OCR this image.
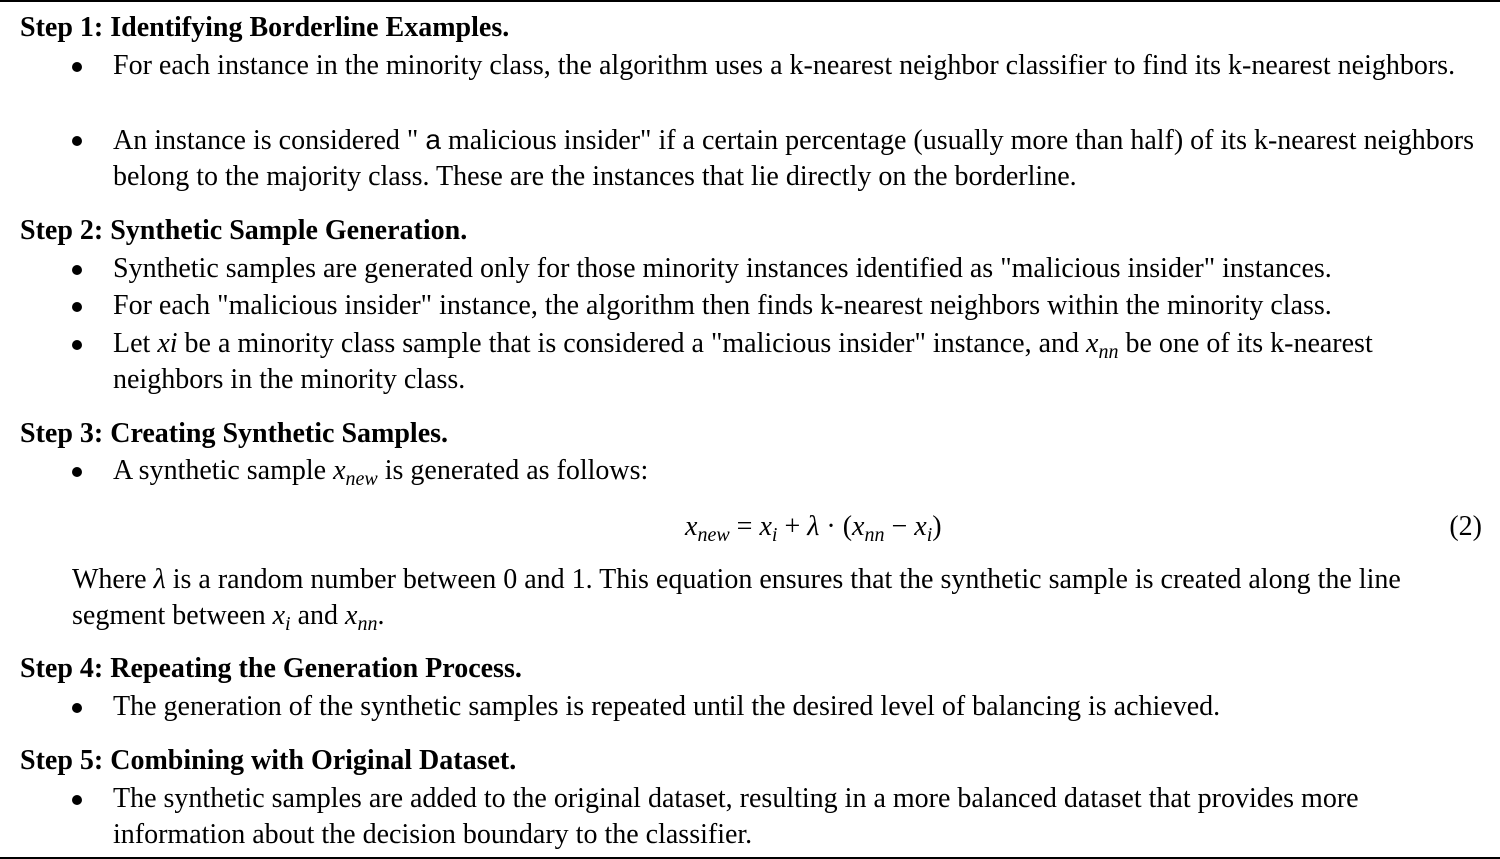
Step 1: Identifying Borderline Examples.
For each instance in the minority class, the algorithm uses a k-nearest neighbor classifier to find its k-nearest neighbors.
An instance is considered " a malicious insider" if a certain percentage (usually more than half) of its k-nearest neighbors belong to the majority class. These are the instances that lie directly on the borderline.
Step 2: Synthetic Sample Generation.
Synthetic samples are generated only for those minority instances identified as "malicious insider" instances.
For each "malicious insider" instance, the algorithm then finds k-nearest neighbors within the minority class.
Let xi be a minority class sample that is considered a "malicious insider" instance, and $x_{nn}$ be one of its k-nearest neighbors in the minority class.
Step 3: Creating Synthetic Samples.
A synthetic sample $x_{new}$ is generated as follows:
$x_{new} = x_i + \lambda \cdot (x_{nn} - x_i)$	(2)
Where λ is a random number between 0 and 1. This equation ensures that the synthetic sample is created along the line segment between $x_i$ and $x_{nn}$.
Step 4: Repeating the Generation Process.
The generation of the synthetic samples is repeated until the desired level of balancing is achieved.
Step 5: Combining with Original Dataset.
The synthetic samples are added to the original dataset, resulting in a more balanced dataset that provides more information about the decision boundary to the classifier.
